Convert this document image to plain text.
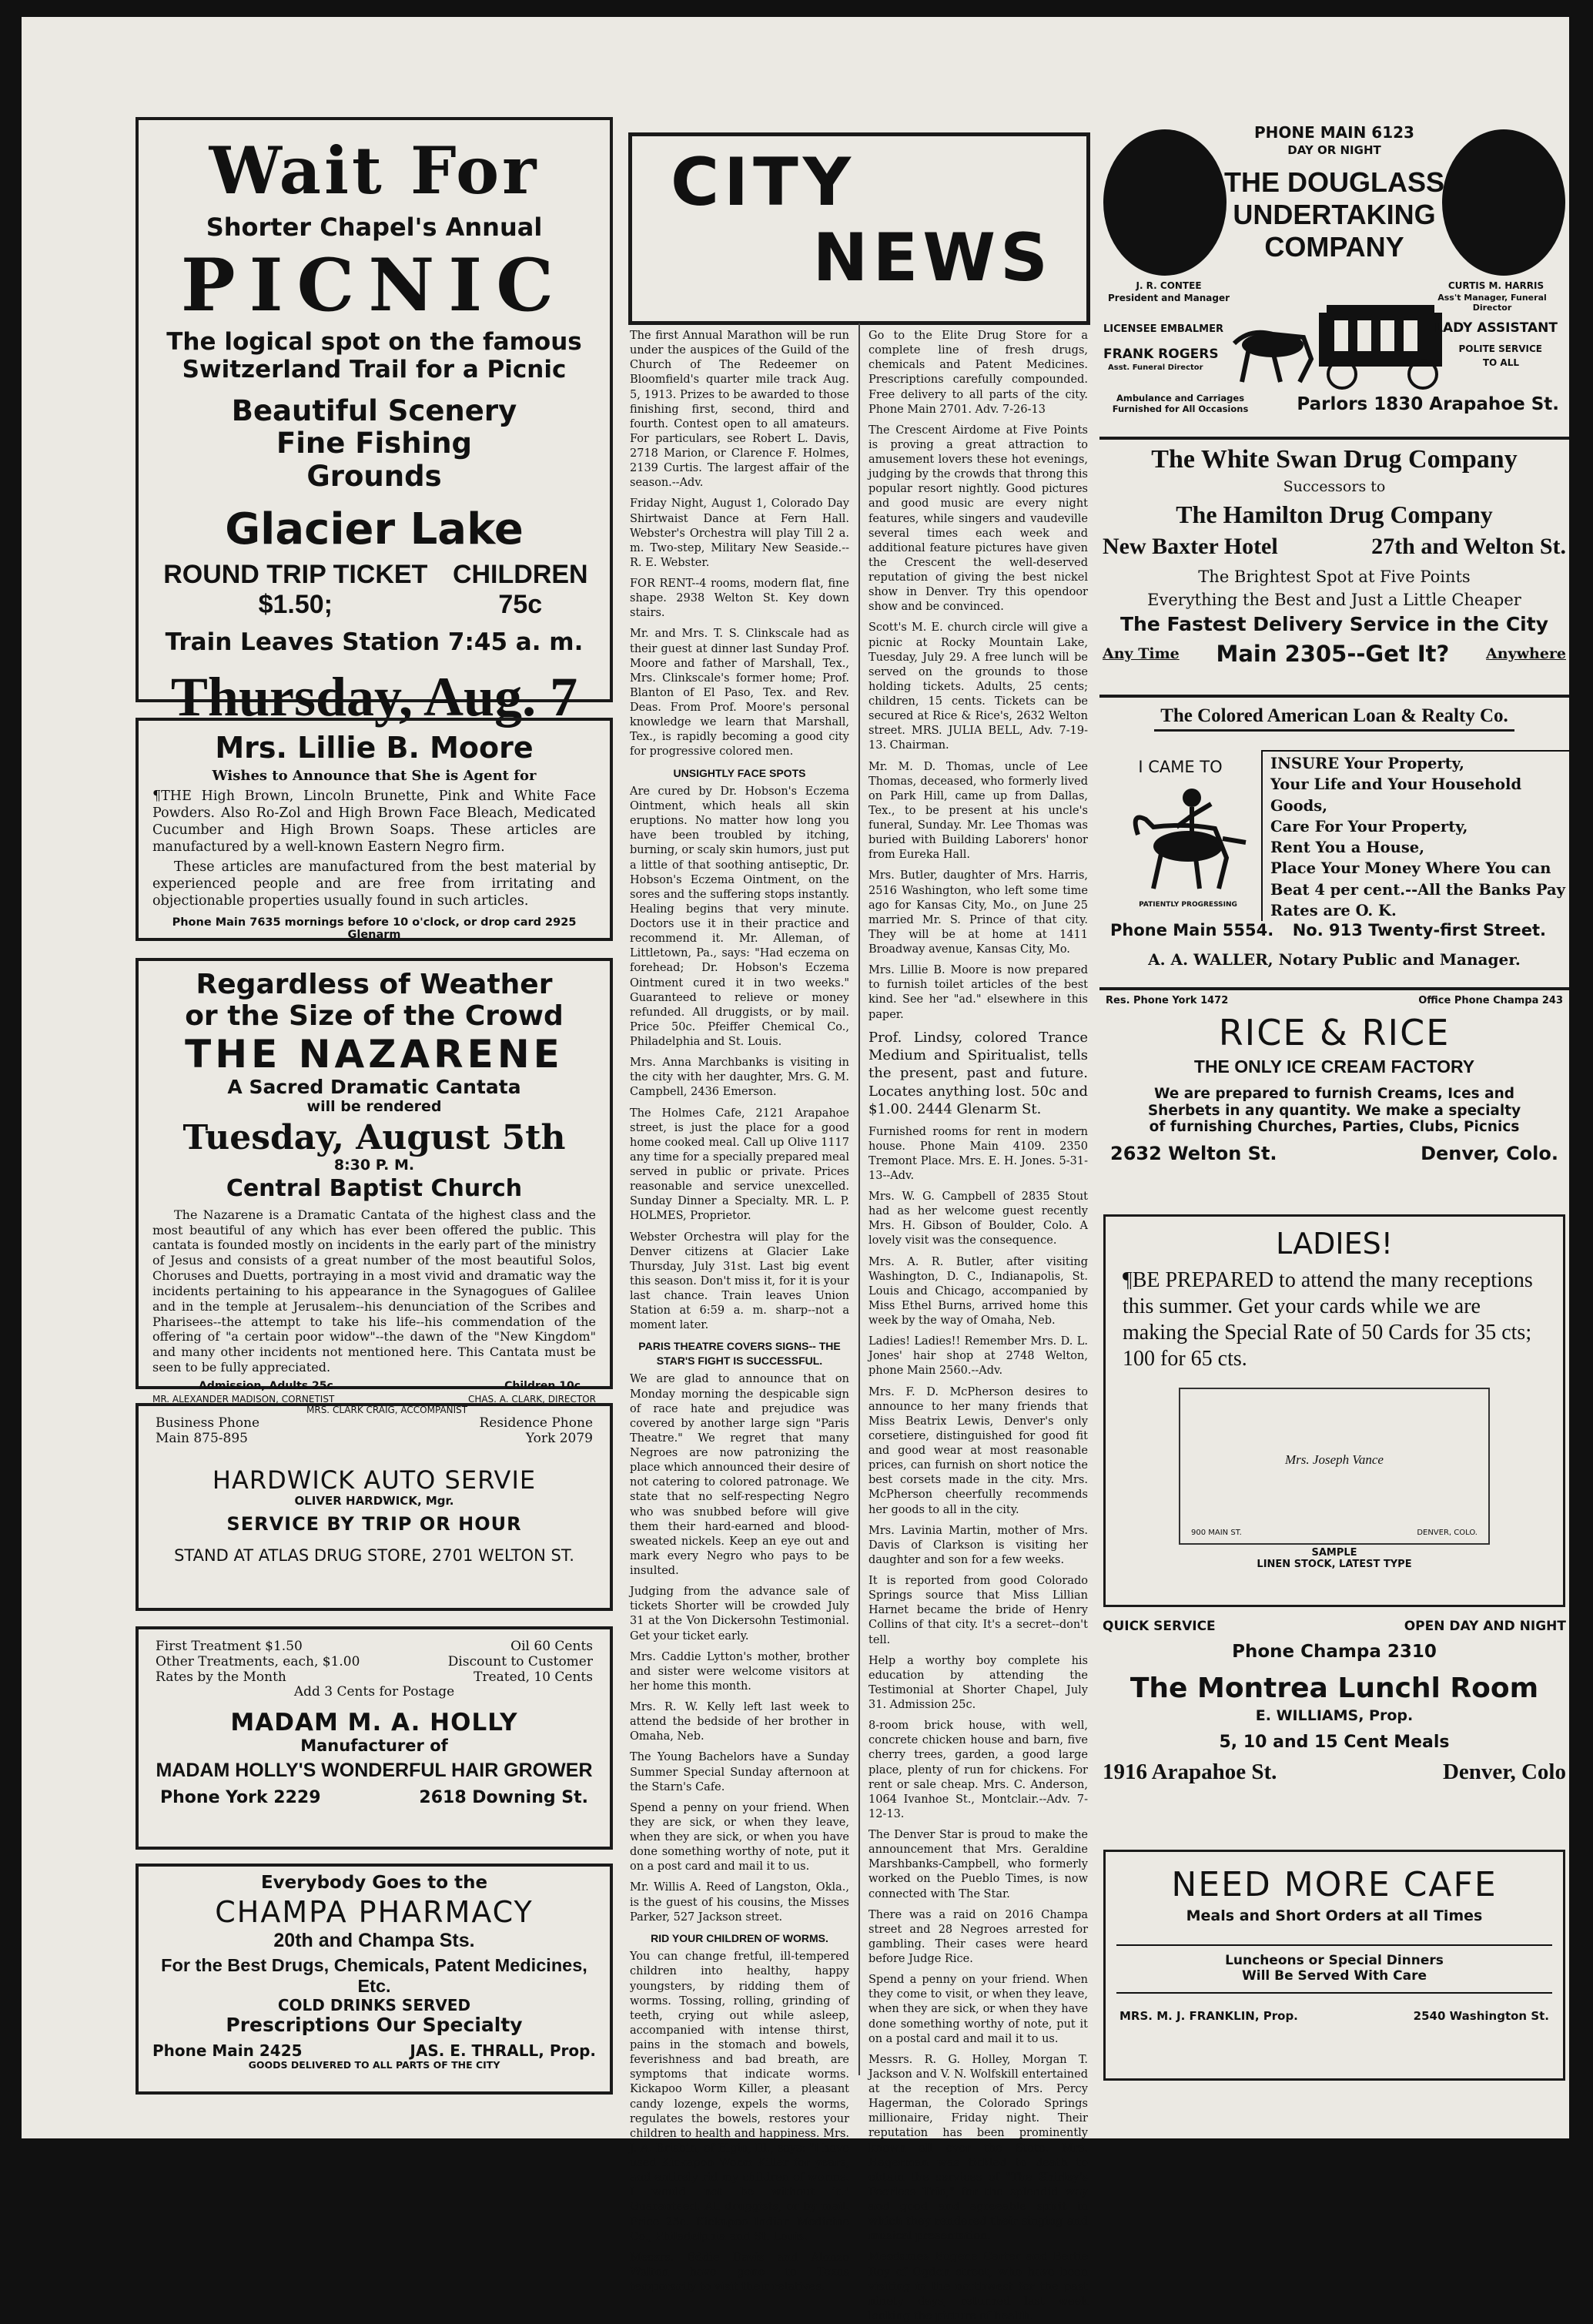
Wait For
Shorter Chapel's Annual
PICNIC
The logical spot on the famous
Switzerland Trail for a Picnic
Beautiful Scenery
Fine Fishing
Grounds
Glacier Lake
ROUND TRIP TICKET $1.50;
CHILDREN 75c
Train Leaves Station 7:45 a. m.
Thursday, Aug. 7
Mrs. Lillie B. Moore
Wishes to Announce that She is Agent for
¶THE High Brown, Lincoln Brunette, Pink and White Face Powders. Also Ro-Zol and High Brown Face Bleach, Medicated Cucumber and High Brown Soaps. These articles are manufactured by a well-known Eastern Negro firm.
These articles are manufactured from the best material by experienced people and are free from irritating and objectionable properties usually found in such articles.
Phone Main 7635 mornings before 10 o'clock, or drop card 2925 Glenarm
Regardless of Weather
or the Size of the Crowd
THE NAZARENE
A Sacred Dramatic Cantata
will be rendered
Tuesday, August 5th
8:30 P. M.
Central Baptist Church
The Nazarene is a Dramatic Cantata of the highest class and the most beautiful of any which has ever been offered the public. This cantata is founded mostly on incidents in the early part of the ministry of Jesus and consists of a great number of the most beautiful Solos, Choruses and Duetts, portraying in a most vivid and dramatic way the incidents pertaining to his appearance in the Synagogues of Galilee and in the temple at Jerusalem--his denunciation of the Scribes and Pharisees--the attempt to take his life--his commendation of the offering of "a certain poor widow"--the dawn of the "New Kingdom" and many other incidents not mentioned here. This Cantata must be seen to be fully appreciated.
Admission, Adults 25c	Children 10c
MR. ALEXANDER MADISON, CORNETIST	CHAS. A. CLARK, DIRECTOR
MRS. CLARK CRAIG, ACCOMPANIST
Business Phone	Residence Phone
Main 875-895	York 2079
HARDWICK AUTO SERVIE
OLIVER HARDWICK, Mgr.
SERVICE BY TRIP OR HOUR
STAND AT ATLAS DRUG STORE, 2701 WELTON ST.
First Treatment $1.50	Oil 60 Cents
Other Treatments, each, $1.00	Discount to Customer
Rates by the Month	Treated, 10 Cents
Add 3 Cents for Postage
MADAM M. A. HOLLY
Manufacturer of
MADAM HOLLY'S WONDERFUL HAIR GROWER
Phone York 2229	2618 Downing St.
Everybody Goes to the
CHAMPA PHARMACY
20th and Champa Sts.
For the Best Drugs, Chemicals, Patent Medicines, Etc.
COLD DRINKS SERVED
Prescriptions Our Specialty
Phone Main 2425	JAS. E. THRALL, Prop.
GOODS DELIVERED TO ALL PARTS OF THE CITY
CITY
NEWS
The first Annual Marathon will be run under the auspices of the Guild of the Church of The Redeemer on Bloomfield's quarter mile track Aug. 5, 1913. Prizes to be awarded to those finishing first, second, third and fourth. Contest open to all amateurs. For particulars, see Robert L. Davis, 2718 Marion, or Clarence F. Holmes, 2139 Curtis. The largest affair of the season.--Adv.
Friday Night, August 1, Colorado Day Shirtwaist Dance at Fern Hall. Webster's Orchestra will play Till 2 a. m. Two-step, Military New Seaside.--R. E. Webster.
FOR RENT--4 rooms, modern flat, fine shape. 2938 Welton St. Key down stairs.
Mr. and Mrs. T. S. Clinkscale had as their guest at dinner last Sunday Prof. Moore and father of Marshall, Tex., Mrs. Clinkscale's former home; Prof. Blanton of El Paso, Tex. and Rev. Deas. From Prof. Moore's personal knowledge we learn that Marshall, Tex., is rapidly becoming a good city for progressive colored men.
UNSIGHTLY FACE SPOTS
Are cured by Dr. Hobson's Eczema Ointment, which heals all skin eruptions. No matter how long you have been troubled by itching, burning, or scaly skin humors, just put a little of that soothing antiseptic, Dr. Hobson's Eczema Ointment, on the sores and the suffering stops instantly. Healing begins that very minute. Doctors use it in their practice and recommend it. Mr. Alleman, of Littletown, Pa., says: "Had eczema on forehead; Dr. Hobson's Eczema Ointment cured it in two weeks." Guaranteed to relieve or money refunded. All druggists, or by mail. Price 50c. Pfeiffer Chemical Co., Philadelphia and St. Louis.
Mrs. Anna Marchbanks is visiting in the city with her daughter, Mrs. G. M. Campbell, 2436 Emerson.
The Holmes Cafe, 2121 Arapahoe street, is just the place for a good home cooked meal. Call up Olive 1117 any time for a specially prepared meal served in public or private. Prices reasonable and service unexcelled. Sunday Dinner a Specialty. MR. L. P. HOLMES, Proprietor.
Webster Orchestra will play for the Denver citizens at Glacier Lake Thursday, July 31st. Last big event this season. Don't miss it, for it is your last chance. Train leaves Union Station at 6:59 a. m. sharp--not a moment later.
PARIS THEATRE COVERS SIGNS-- THE STAR'S FIGHT IS SUCCESSFUL.
We are glad to announce that on Monday morning the despicable sign of race hate and prejudice was covered by another large sign "Paris Theatre." We regret that many Negroes are now patronizing the place which announced their desire of not catering to colored patronage. We state that no self-respecting Negro who was snubbed before will give them their hard-earned and blood-sweated nickels. Keep an eye out and mark every Negro who pays to be insulted.
Judging from the advance sale of tickets Shorter will be crowded July 31 at the Von Dickersohn Testimonial. Get your ticket early.
Mrs. Caddie Lytton's mother, brother and sister were welcome visitors at her home this month.
Mrs. R. W. Kelly left last week to attend the bedside of her brother in Omaha, Neb.
The Young Bachelors have a Sunday Summer Special Sunday afternoon at the Starn's Cafe.
Spend a penny on your friend. When they are sick, or when they leave, when they are sick, or when you have done something worthy of note, put it on a post card and mail it to us.
Mr. Willis A. Reed of Langston, Okla., is the guest of his cousins, the Misses Parker, 527 Jackson street.
RID YOUR CHILDREN OF WORMS.
You can change fretful, ill-tempered children into healthy, happy youngsters, by ridding them of worms. Tossing, rolling, grinding of teeth, crying out while asleep, accompanied with intense thirst, pains in the stomach and bowels, feverishness and bad breath, are symptoms that indicate worms. Kickapoo Worm Killer, a pleasant candy lozenge, expels the worms, regulates the bowels, restores your children to health and happiness. Mrs. J. A. Brisbin, of Elgin, Ill., says: "I have used Kickapoo Worm Killer for years, and entirely rid my children of worms. I would not be without it." Guaranteed. All druggists, or by mail. Price 25c. Kickapoo Indian Medicine Co., Philadelphia and St. Louis.
Messrs. Eddie Davis and Alonzo Walton have gone to Texas temporarily to visit their relatives.
Go to the Elite Drug Store for a complete line of fresh drugs, chemicals and Patent Medicines. Prescriptions carefully compounded. Free delivery to all parts of the city. Phone Main 2701. Adv. 7-26-13
The Crescent Airdome at Five Points is proving a great attraction to amusement lovers these hot evenings, judging by the crowds that throng this popular resort nightly. Good pictures and good music are every night features, while singers and vaudeville several times each week and additional feature pictures have given the Crescent the well-deserved reputation of giving the best nickel show in Denver. Try this opendoor show and be convinced.
Scott's M. E. church circle will give a picnic at Rocky Mountain Lake, Tuesday, July 29. A free lunch will be served on the grounds to those holding tickets. Adults, 25 cents; children, 15 cents. Tickets can be secured at Rice & Rice's, 2632 Welton street. MRS. JULIA BELL, Adv. 7-19-13. Chairman.
Mr. M. D. Thomas, uncle of Lee Thomas, deceased, who formerly lived on Park Hill, came up from Dallas, Tex., to be present at his uncle's funeral, Sunday. Mr. Lee Thomas was buried with Building Laborers' honor from Eureka Hall.
Mrs. Butler, daughter of Mrs. Harris, 2516 Washington, who left some time ago for Kansas City, Mo., on June 25 married Mr. S. Prince of that city. They will be at home at 1411 Broadway avenue, Kansas City, Mo.
Mrs. Lillie B. Moore is now prepared to furnish toilet articles of the best kind. See her "ad." elsewhere in this paper.
Prof. Lindsy, colored Trance Medium and Spiritualist, tells the present, past and future. Locates anything lost. 50c and $1.00. 2444 Glenarm St.
Furnished rooms for rent in modern house. Phone Main 4109. 2350 Tremont Place. Mrs. E. H. Jones. 5-31-13--Adv.
Mrs. W. G. Campbell of 2835 Stout had as her welcome guest recently Mrs. H. Gibson of Boulder, Colo. A lovely visit was the consequence.
Mrs. A. R. Butler, after visiting Washington, D. C., Indianapolis, St. Louis and Chicago, accompanied by Miss Ethel Burns, arrived home this week by the way of Omaha, Neb.
Ladies! Ladies!! Remember Mrs. D. L. Jones' hair shop at 2748 Welton, phone Main 2560.--Adv.
Mrs. F. D. McPherson desires to announce to her many friends that Miss Beatrix Lewis, Denver's only corsetiere, distinguished for good fit and good wear at most reasonable prices, can furnish on short notice the best corsets made in the city. Mrs. McPherson cheerfully recommends her goods to all in the city.
Mrs. Lavinia Martin, mother of Mrs. Davis of Clarkson is visiting her daughter and son for a few weeks.
It is reported from good Colorado Springs source that Miss Lillian Harnet became the bride of Henry Collins of that city. It's a secret--don't tell.
Help a worthy boy complete his education by attending the Testimonial at Shorter Chapel, July 31. Admission 25c.
8-room brick house, with well, concrete chicken house and barn, five cherry trees, garden, a good large place, plenty of run for chickens. For rent or sale cheap. Mrs. C. Anderson, 1064 Ivanhoe St., Montclair.--Adv. 7-12-13.
The Denver Star is proud to make the announcement that Mrs. Geraldine Marshbanks-Campbell, who formerly worked on the Pueblo Times, is now connected with The Star.
There was a raid on 2016 Champa street and 28 Negroes arrested for gambling. Their cases were heard before Judge Rice.
Spend a penny on your friend. When they come to visit, or when they leave, when they are sick, or when they have done something worthy of note, put it on a postal card and mail it to us.
Messrs. R. G. Holley, Morgan T. Jackson and V. N. Wolfskill entertained at the reception of Mrs. Percy Hagerman, the Colorado Springs millionaire, Friday night. Their reputation has been prominently known all over the State. Mrs. Hagerman was tickled to death to obtain the services of "The Shirley's Peerless Trio," for the splendid way and good and agreeable spirit in which they rendered their singing and musical presentation.
Mesdames Eugene Carter and Bertie Roy of Ogden street, who have been visiting in the northwest for the past ninety days, returned last week looking the picture of health.
PHONE MAIN 6123
DAY OR NIGHT
THE DOUGLASS
UNDERTAKING
COMPANY
J. R. CONTEE
President and Manager
CURTIS M. HARRIS
Ass't Manager, Funeral Director
LICENSEE EMBALMER
FRANK ROGERS
Asst. Funeral Director
LADY ASSISTANT
POLITE SERVICE
TO ALL
Ambulance and Carriages
Furnished for All Occasions	Parlors 1830 Arapahoe St.
The White Swan Drug Company
Successors to
The Hamilton Drug Company
New Baxter Hotel	27th and Welton St.
The Brightest Spot at Five Points
Everything the Best and Just a Little Cheaper
The Fastest Delivery Service in the City
Any Time Main 2305--Get It?	Anywhere
The Colored American Loan & Realty Co.
I CAME TO
PATIENTLY PROGRESSING
INSURE Your Property,
Your Life and Your Household Goods,
Care For Your Property,
Rent You a House,
Place Your Money Where You can
Beat 4 per cent.--All the Banks Pay
Rates are O. K.
Phone Main 5554. No. 913 Twenty-first Street.
A. A. WALLER, Notary Public and Manager.
Res. Phone York 1472	Office Phone Champa 243
RICE & RICE
THE ONLY ICE CREAM FACTORY
We are prepared to furnish Creams, Ices and
Sherbets in any quantity. We make a specialty
of furnishing Churches, Parties, Clubs, Picnics
2632 Welton St.	Denver, Colo.
LADIES!
¶BE PREPARED to attend the many receptions this summer. Get your cards while we are making the Special Rate of 50 Cards for 35 cts; 100 for 65 cts.
Mrs. Joseph Vance
900 MAIN ST.	DENVER, COLO.
SAMPLE
LINEN STOCK, LATEST TYPE
QUICK SERVICE	OPEN DAY AND NIGHT
Phone Champa 2310
The Montrea Lunchl Room
E. WILLIAMS, Prop.
5, 10 and 15 Cent Meals
1916 Arapahoe St.	Denver, Colo
NEED MORE CAFE
Meals and Short Orders at all Times
Luncheons or Special Dinners
Will Be Served With Care
MRS. M. J. FRANKLIN, Prop.	2540 Washington St.
